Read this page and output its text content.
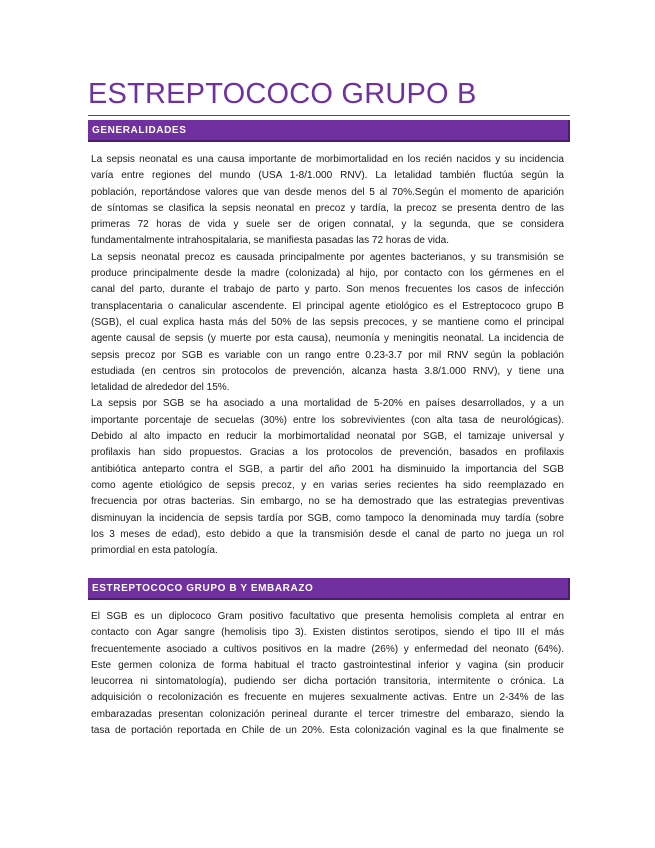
ESTREPTOCOCO GRUPO B
GENERALIDADES
La sepsis neonatal es una causa importante de morbimortalidad en los recién nacidos y su incidencia
varía entre regiones del mundo (USA 1-8/1.000 RNV). La letalidad también fluctúa según la
población, reportándose valores que van desde menos del 5 al 70%.Según el momento de aparición
de síntomas se clasifica la sepsis neonatal en precoz y tardía, la precoz se presenta dentro de las
primeras 72 horas de vida y suele ser de origen connatal, y la segunda, que se considera
fundamentalmente intrahospitalaria, se manifiesta pasadas las 72 horas de vida.
La sepsis neonatal precoz es causada principalmente por agentes bacterianos, y su transmisión se
produce principalmente desde la madre (colonizada) al hijo, por contacto con los gérmenes en el
canal del parto, durante el trabajo de parto y parto. Son menos frecuentes los casos de infección
transplacentaria o canalicular ascendente. El principal agente etiológico es el Estreptococo grupo B
(SGB), el cual explica hasta más del 50% de las sepsis precoces, y se mantiene como el principal
agente causal de sepsis (y muerte por esta causa), neumonía y meningitis neonatal. La incidencia de
sepsis precoz por SGB es variable con un rango entre 0.23-3.7 por mil RNV según la población
estudiada (en centros sin protocolos de prevención, alcanza hasta 3.8/1.000 RNV), y tiene una
letalidad de alrededor del 15%.
La sepsis por SGB se ha asociado a una mortalidad de 5-20% en países desarrollados, y a un
importante porcentaje de secuelas (30%) entre los sobrevivientes (con alta tasa de neurológicas).
Debido al alto impacto en reducir la morbimortalidad neonatal por SGB, el tamizaje universal y
profilaxis han sido propuestos. Gracias a los protocolos de prevención, basados en profilaxis
antibiótica anteparto contra el SGB, a partir del año 2001 ha disminuido la importancia del SGB
como agente etiológico de sepsis precoz, y en varias series recientes ha sido reemplazado en
frecuencia por otras bacterias. Sin embargo, no se ha demostrado que las estrategias preventivas
disminuyan la incidencia de sepsis tardía por SGB, como tampoco la denominada muy tardía (sobre
los 3 meses de edad), esto debido a que la transmisión desde el canal de parto no juega un rol
primordial en esta patología.
ESTREPTOCOCO GRUPO B Y EMBARAZO
El SGB es un diplococo Gram positivo facultativo que presenta hemolisis completa al entrar en
contacto con Agar sangre (hemolisis tipo 3). Existen distintos serotipos, siendo el tipo III el más
frecuentemente asociado a cultivos positivos en la madre (26%) y enfermedad del neonato (64%).
Este germen coloniza de forma habitual el tracto gastrointestinal inferior y vagina (sin producir
leucorrea ni sintomatología), pudiendo ser dicha portación transitoria, intermitente o crónica. La
adquisición o recolonización es frecuente en mujeres sexualmente activas. Entre un 2-34% de las
embarazadas presentan colonización perineal durante el tercer trimestre del embarazo, siendo la
tasa de portación reportada en Chile de un 20%. Esta colonización vaginal es la que finalmente se
